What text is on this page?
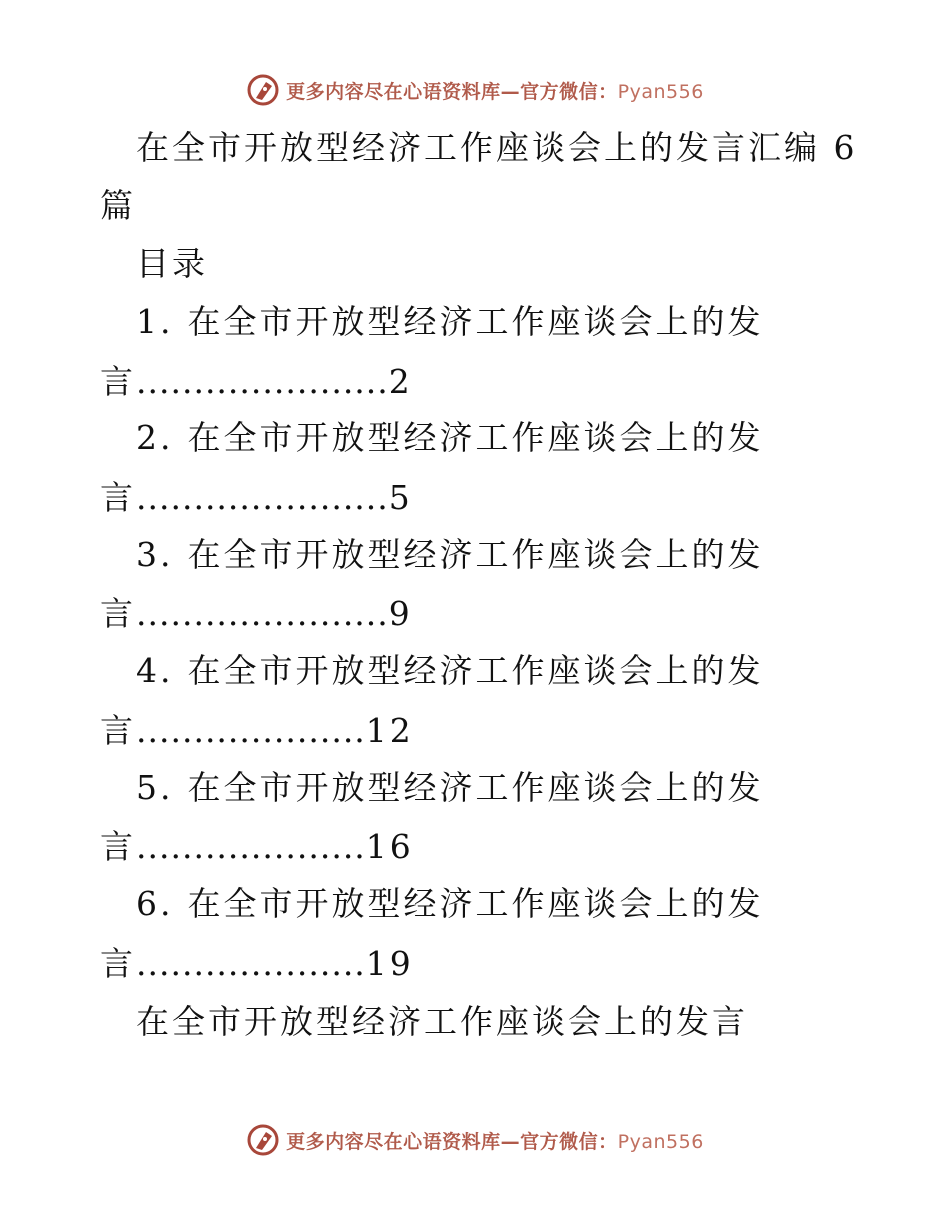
更多内容尽在心语资料库—官方微信：Pyan556
在全市开放型经济工作座谈会上的发言汇编 6
篇
目录
1. 在全市开放型经济工作座谈会上的发
言......................2
2. 在全市开放型经济工作座谈会上的发
言......................5
3. 在全市开放型经济工作座谈会上的发
言......................9
4. 在全市开放型经济工作座谈会上的发
言....................12
5. 在全市开放型经济工作座谈会上的发
言....................16
6. 在全市开放型经济工作座谈会上的发
言....................19
在全市开放型经济工作座谈会上的发言
更多内容尽在心语资料库—官方微信：Pyan556
